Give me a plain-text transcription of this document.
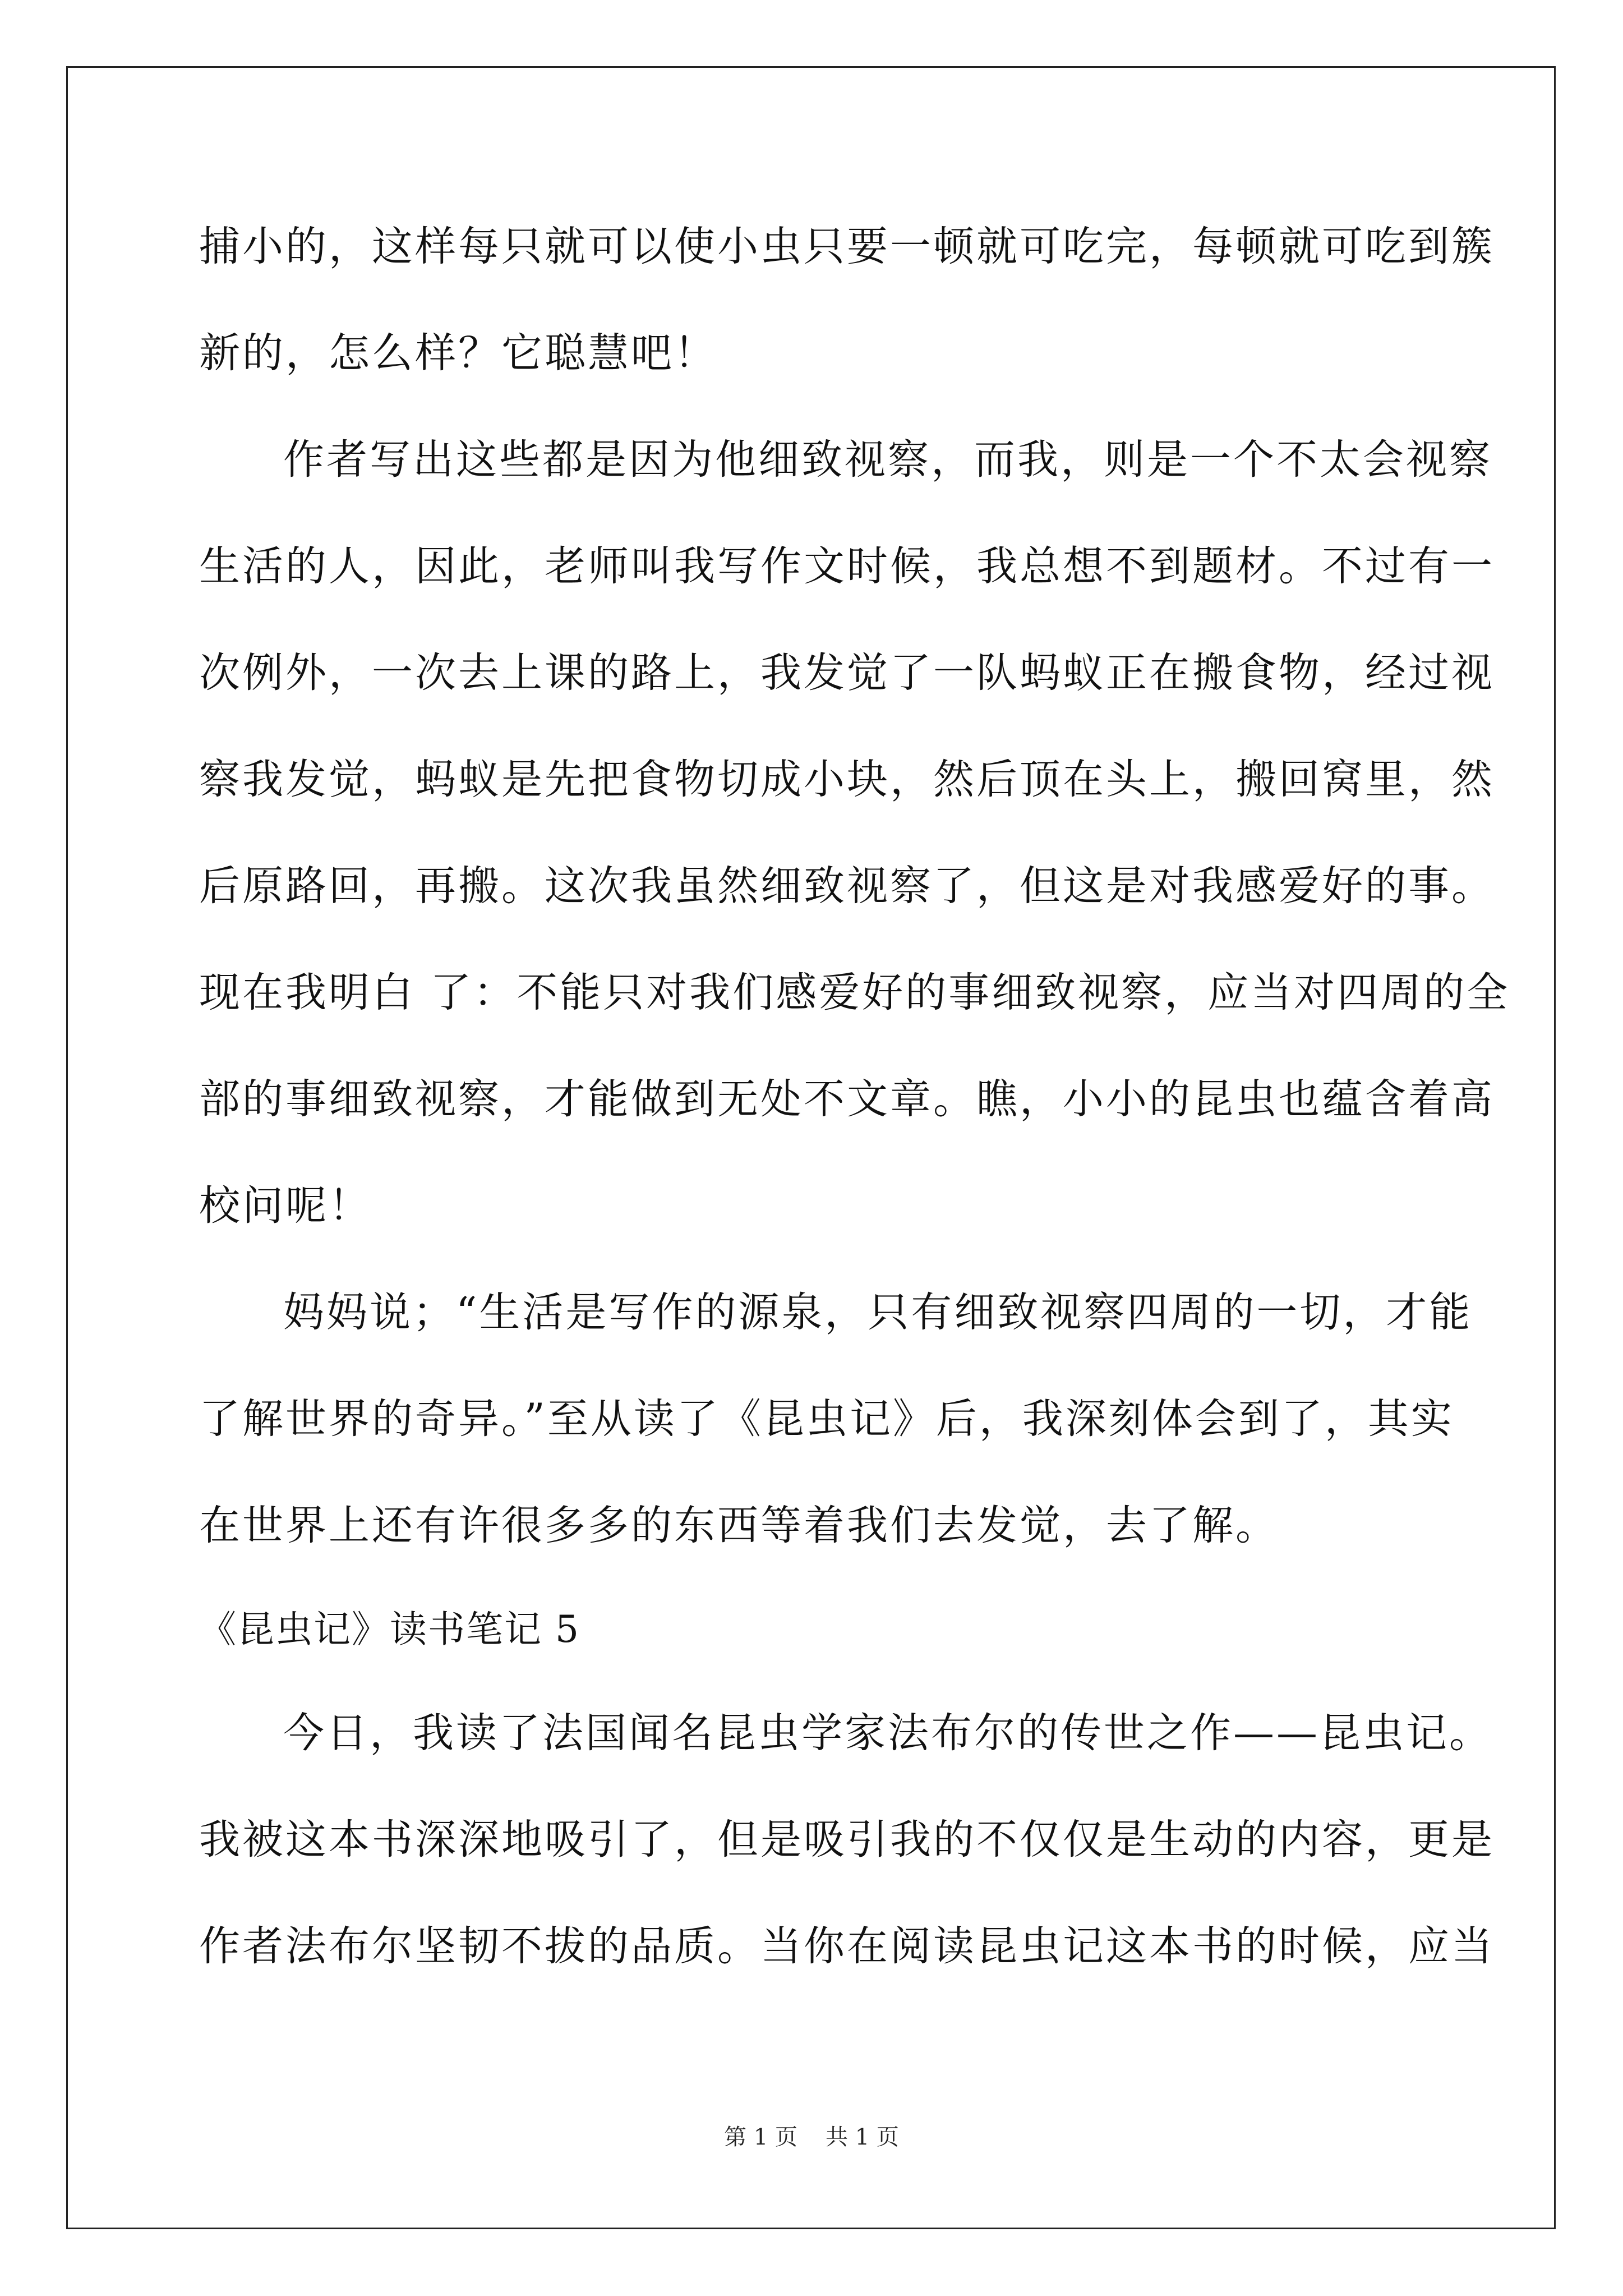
捕小的，这样每只就可以使小虫只要一顿就可吃完，每顿就可吃到簇
新的，怎么样？它聪慧吧！
作者写出这些都是因为他细致视察，而我，则是一个不太会视察
生活的人，因此，老师叫我写作文时候，我总想不到题材。不过有一
次例外，一次去上课的路上，我发觉了一队蚂蚁正在搬食物，经过视
察我发觉，蚂蚁是先把食物切成小块，然后顶在头上，搬回窝里，然
后原路回，再搬。这次我虽然细致视察了，但这是对我感爱好的事。
现在我明白 了：不能只对我们感爱好的事细致视察，应当对四周的全
部的事细致视察，才能做到无处不文章。瞧，小小的昆虫也蕴含着高
校问呢！
妈妈说；“生活是写作的源泉，只有细致视察四周的一切，才能
了解世界的奇异。”至从读了《昆虫记》后，我深刻体会到了，其实
在世界上还有许很多多的东西等着我们去发觉，去了解。
《昆虫记》读书笔记 5
今日，我读了法国闻名昆虫学家法布尔的传世之作——昆虫记。
我被这本书深深地吸引了，但是吸引我的不仅仅是生动的内容，更是
作者法布尔坚韧不拔的品质。当你在阅读昆虫记这本书的时候，应当
第 1 页 共 1 页
